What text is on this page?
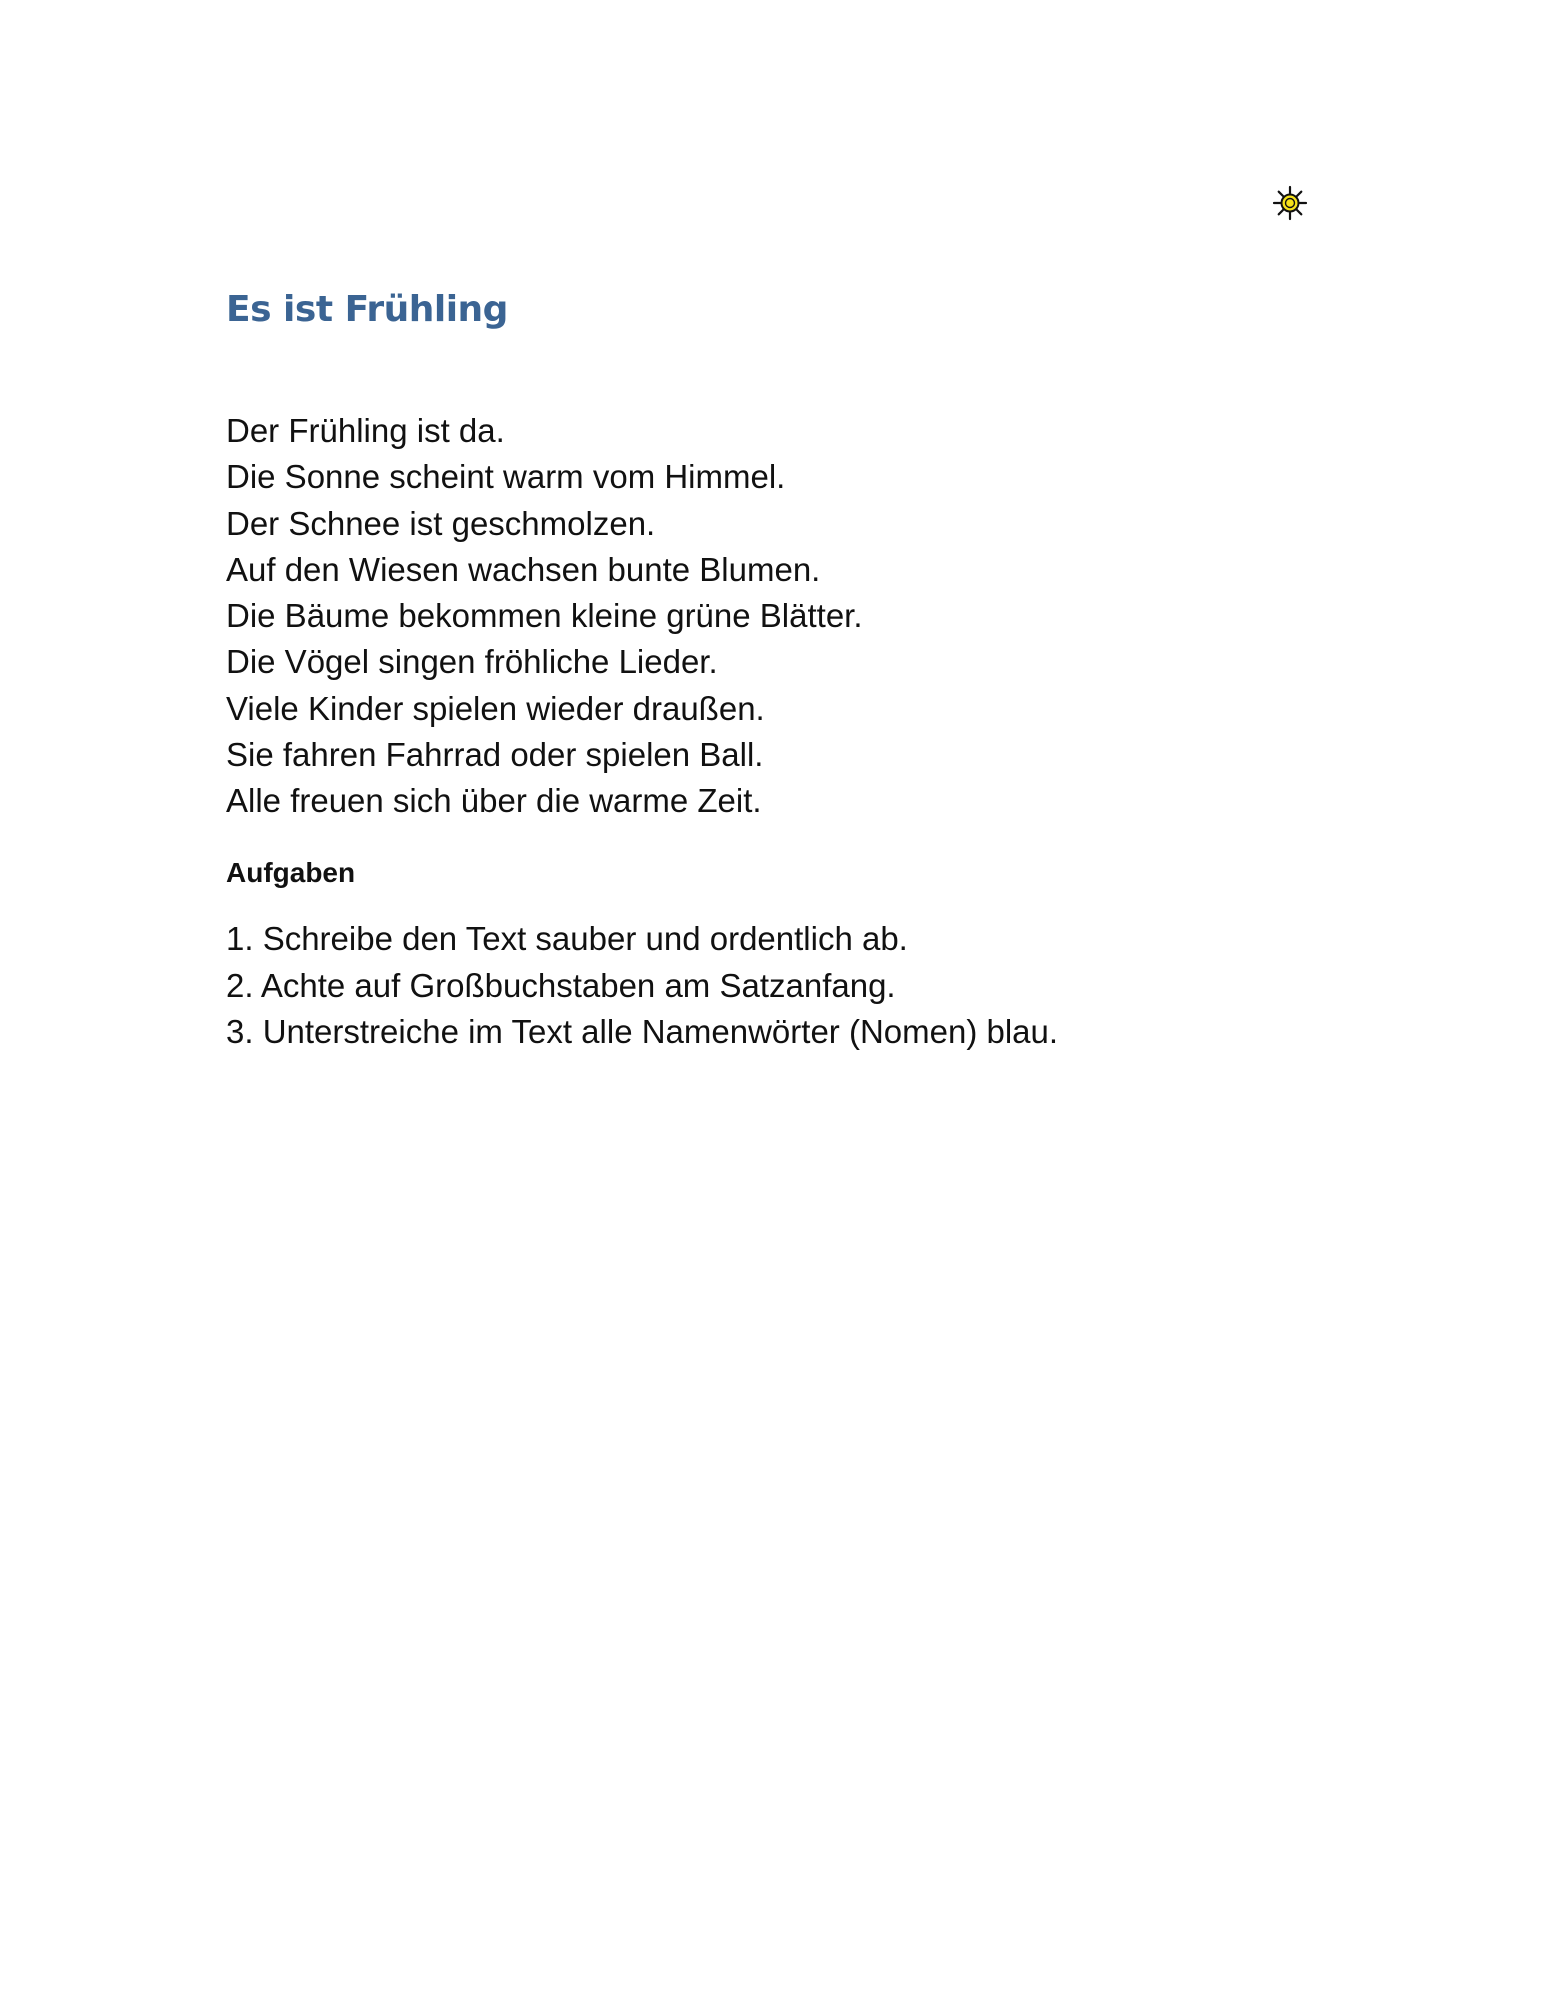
Es ist Frühling
Der Frühling ist da.
Die Sonne scheint warm vom Himmel.
Der Schnee ist geschmolzen.
Auf den Wiesen wachsen bunte Blumen.
Die Bäume bekommen kleine grüne Blätter.
Die Vögel singen fröhliche Lieder.
Viele Kinder spielen wieder draußen.
Sie fahren Fahrrad oder spielen Ball.
Alle freuen sich über die warme Zeit.
Aufgaben
1. Schreibe den Text sauber und ordentlich ab.
2. Achte auf Großbuchstaben am Satzanfang.
3. Unterstreiche im Text alle Namenwörter (Nomen) blau.
